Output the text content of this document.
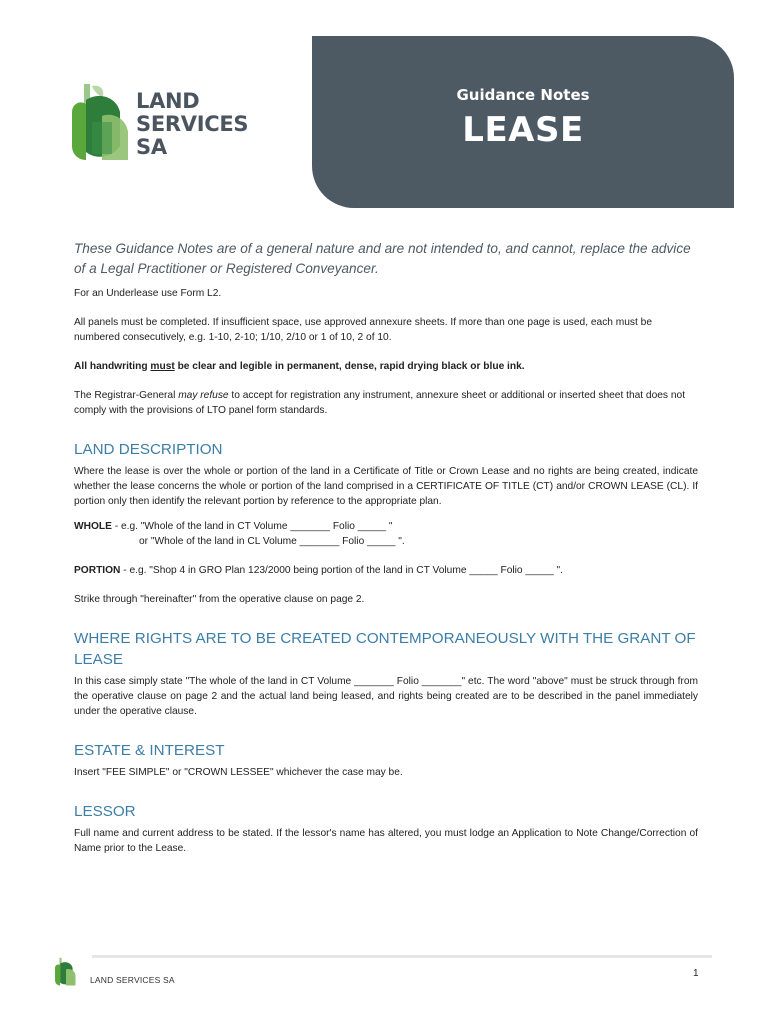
LAND
SERVICES
SA
Guidance Notes
LEASE
These Guidance Notes are of a general nature and are not intended to, and cannot, replace the advice of a Legal Practitioner or Registered Conveyancer.

For an Underlease use Form L2.

All panels must be completed. If insufficient space, use approved annexure sheets. If more than one page is used, each must be numbered consecutively, e.g. 1-10, 2-10; 1/10, 2/10 or 1 of 10, 2 of 10.

All handwriting must be clear and legible in permanent, dense, rapid drying black or blue ink.

The Registrar-General may refuse to accept for registration any instrument, annexure sheet or additional or inserted sheet that does not comply with the provisions of LTO panel form standards.

LAND DESCRIPTION

Where the lease is over the whole or portion of the land in a Certificate of Title or Crown Lease and no rights are being created, indicate whether the lease concerns the whole or portion of the land comprised in a CERTIFICATE OF TITLE (CT) and/or CROWN LEASE (CL). If portion only then identify the relevant portion by reference to the appropriate plan.

WHOLE - e.g. "Whole of the land in CT Volume _______ Folio _____ "

or "Whole of the land in CL Volume _______ Folio _____ ".

PORTION - e.g. "Shop 4 in GRO Plan 123/2000 being portion of the land in CT Volume _____ Folio _____ ".

Strike through "hereinafter" from the operative clause on page 2.

WHERE RIGHTS ARE TO BE CREATED CONTEMPORANEOUSLY WITH THE GRANT OF LEASE

In this case simply state "The whole of the land in CT Volume _______ Folio _______" etc. The word "above" must be struck through from the operative clause on page 2 and the actual land being leased, and rights being created are to be described in the panel immediately under the operative clause.

ESTATE & INTEREST

Insert "FEE SIMPLE" or "CROWN LESSEE" whichever the case may be.

LESSOR

Full name and current address to be stated. If the lessor's name has altered, you must lodge an Application to Note Change/Correction of Name prior to the Lease.

LAND SERVICES SA
1
